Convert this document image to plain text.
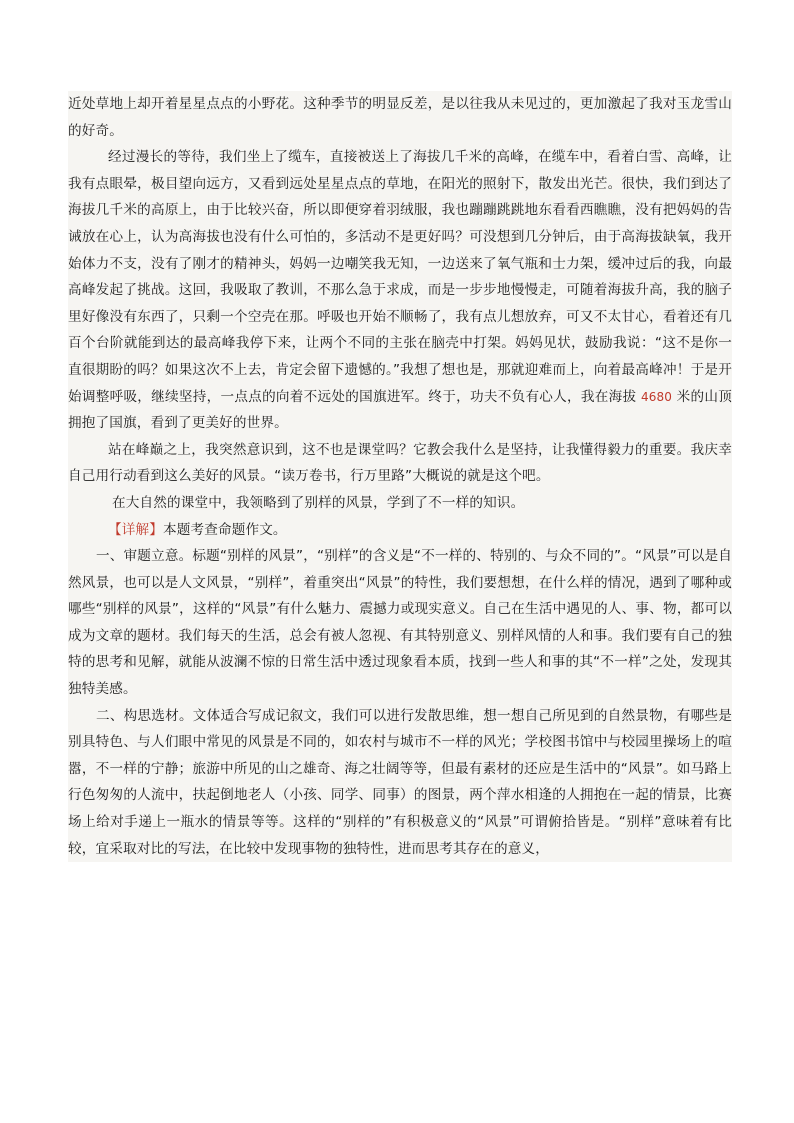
近处草地上却开着星星点点的小野花。这种季节的明显反差，是以往我从未见过的，更加激起了我对玉龙雪山的好奇。

经过漫长的等待，我们坐上了缆车，直接被送上了海拔几千米的高峰，在缆车中，看着白雪、高峰，让我有点眼晕，极目望向远方，又看到远处星星点点的草地，在阳光的照射下，散发出光芒。很快，我们到达了海拔几千米的高原上，由于比较兴奋，所以即便穿着羽绒服，我也蹦蹦跳跳地东看看西瞧瞧，没有把妈妈的告诫放在心上，认为高海拔也没有什么可怕的，多活动不是更好吗？可没想到几分钟后，由于高海拔缺氧，我开始体力不支，没有了刚才的精神头，妈妈一边嘲笑我无知，一边送来了氧气瓶和士力架，缓冲过后的我，向最高峰发起了挑战。这回，我吸取了教训，不那么急于求成，而是一步步地慢慢走，可随着海拔升高，我的脑子里好像没有东西了，只剩一个空壳在那。呼吸也开始不顺畅了，我有点儿想放弃，可又不太甘心，看着还有几百个台阶就能到达的最高峰我停下来，让两个不同的主张在脑壳中打架。妈妈见状，鼓励我说：“这不是你一直很期盼的吗？如果这次不上去，肯定会留下遗憾的。”我想了想也是，那就迎难而上，向着最高峰冲！于是开始调整呼吸，继续坚持，一点点的向着不远处的国旗进军。终于，功夫不负有心人，我在海拔 4680 米的山顶拥抱了国旗，看到了更美好的世界。

站在峰巅之上，我突然意识到，这不也是课堂吗？它教会我什么是坚持，让我懂得毅力的重要。我庆幸自己用行动看到这么美好的风景。“读万卷书，行万里路”大概说的就是这个吧。

在大自然的课堂中，我领略到了别样的风景，学到了不一样的知识。

【详解】本题考查命题作文。

一、审题立意。标题“别样的风景”，“别样”的含义是“不一样的、特别的、与众不同的”。“风景”可以是自然风景，也可以是人文风景，“别样”，着重突出“风景”的特性，我们要想想，在什么样的情况，遇到了哪种或哪些“别样的风景”，这样的“风景”有什么魅力、震撼力或现实意义。自己在生活中遇见的人、事、物，都可以成为文章的题材。我们每天的生活，总会有被人忽视、有其特别意义、别样风情的人和事。我们要有自己的独特的思考和见解，就能从波澜不惊的日常生活中透过现象看本质，找到一些人和事的其“不一样”之处，发现其独特美感。

二、构思选材。文体适合写成记叙文，我们可以进行发散思维，想一想自己所见到的自然景物，有哪些是别具特色、与人们眼中常见的风景是不同的，如农村与城市不一样的风光；学校图书馆中与校园里操场上的喧嚣，不一样的宁静；旅游中所见的山之雄奇、海之壮阔等等，但最有素材的还应是生活中的“风景”。如马路上行色匆匆的人流中，扶起倒地老人（小孩、同学、同事）的图景，两个萍水相逢的人拥抱在一起的情景，比赛场上给对手递上一瓶水的情景等等。这样的“别样的”有积极意义的“风景”可谓俯拾皆是。“别样”意味着有比较，宜采取对比的写法，在比较中发现事物的独特性，进而思考其存在的意义，
